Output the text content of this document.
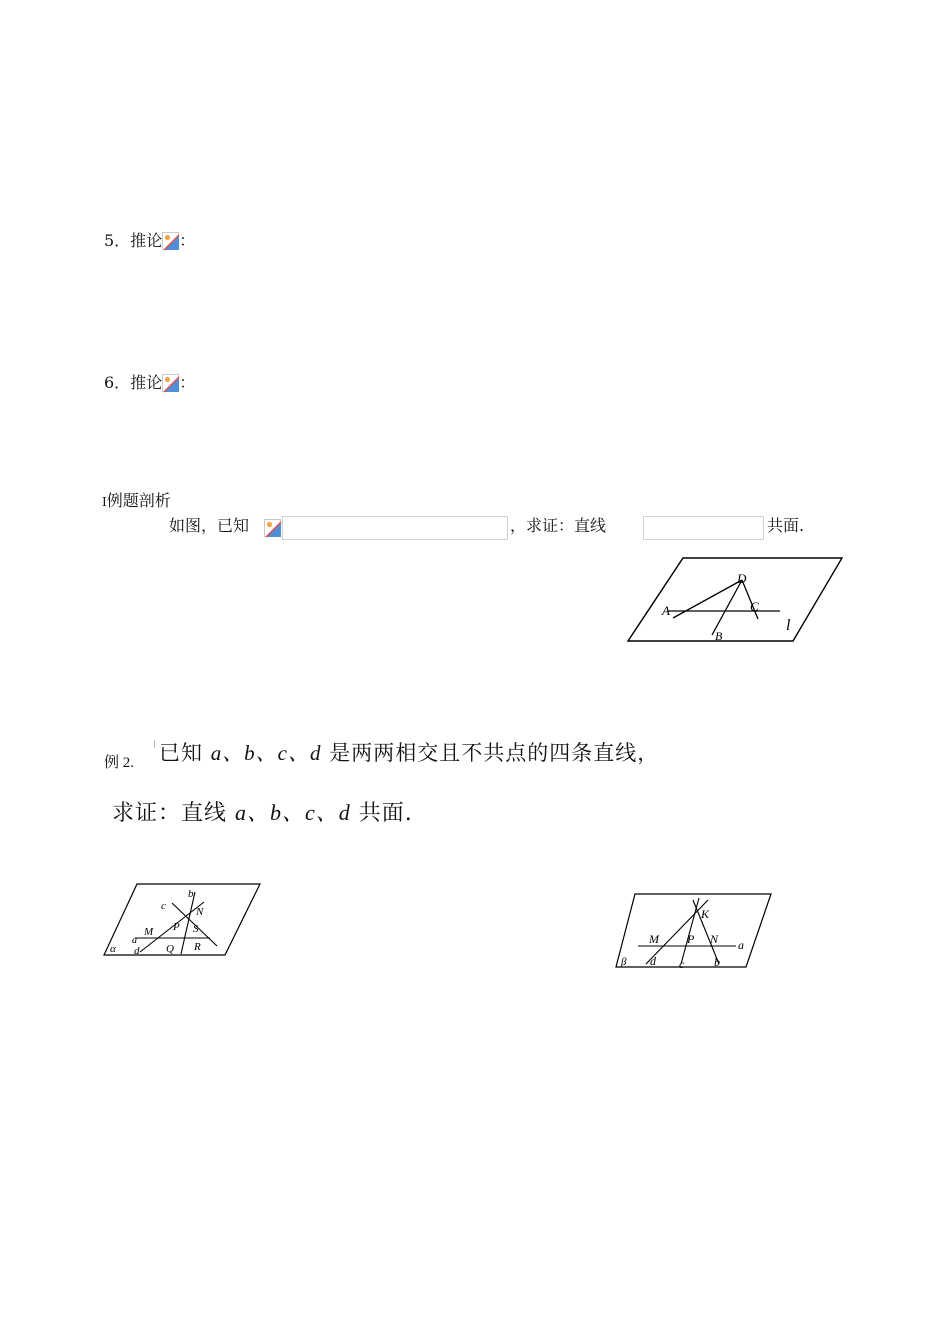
5．推论 ：
6．推论 ：
I例题剖析
如图，已知
	，求证：直线	共面.
D
A	C
B
l
例 2. 已知 a、b、c、d 是两两相交且不共点的四条直线，
求证：直线 a、b、c、d 共面.
c
b
N
P S
M
a
Q R
d
α
K
M P N a
β d c b
